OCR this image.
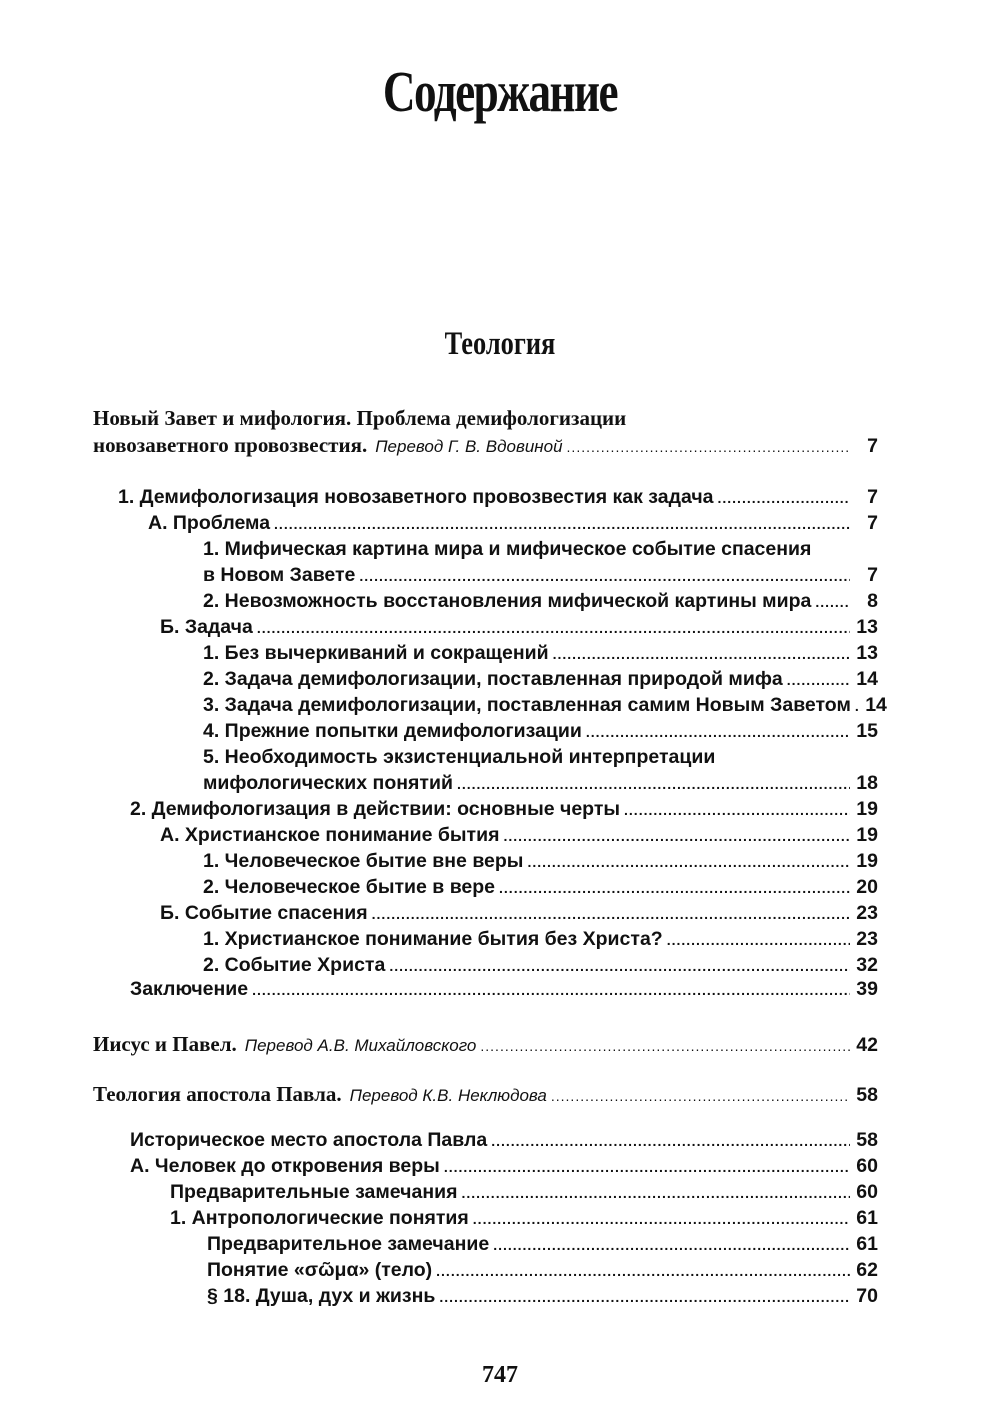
Содержание
Теология
Новый Завет и мифология. Проблема демифологизации
новозаветного провозвестия. Перевод Г. В. Вдовиной .....	7
1. Демифологизация новозаветного провозвестия как задача .....	7
А. Проблема .....	7
1. Мифическая картина мира и мифическое событие спасения
в Новом Завете .....	7
2. Невозможность восстановления мифической картины мира .....	8
Б. Задача .....	13
1. Без вычеркиваний и сокращений .....	13
2. Задача демифологизации, поставленная природой мифа .....	14
3. Задача демифологизации, поставленная самим Новым Заветом ..... 14
4. Прежние попытки демифологизации .....	15
5. Необходимость экзистенциальной интерпретации
мифологических понятий .....	18
2. Демифологизация в действии: основные черты .....	19
А. Христианское понимание бытия .....	19
1. Человеческое бытие вне веры .....	19
2. Человеческое бытие в вере .....	20
Б. Событие спасения .....	23
1. Христианское понимание бытия без Христа? .....	23
2. Событие Христа .....	32
Заключение .....	39
Иисус и Павел. Перевод А.В. Михайловского .....	42
Теология апостола Павла. Перевод К.В. Неклюдова .....	58
Историческое место апостола Павла .....	58
А. Человек до откровения веры .....	60
Предварительные замечания .....	60
1. Антропологические понятия .....	61
Предварительное замечание .....	61
Понятие «σῶμα» (тело) .....	62
§ 18. Душа, дух и жизнь .....	70
747
